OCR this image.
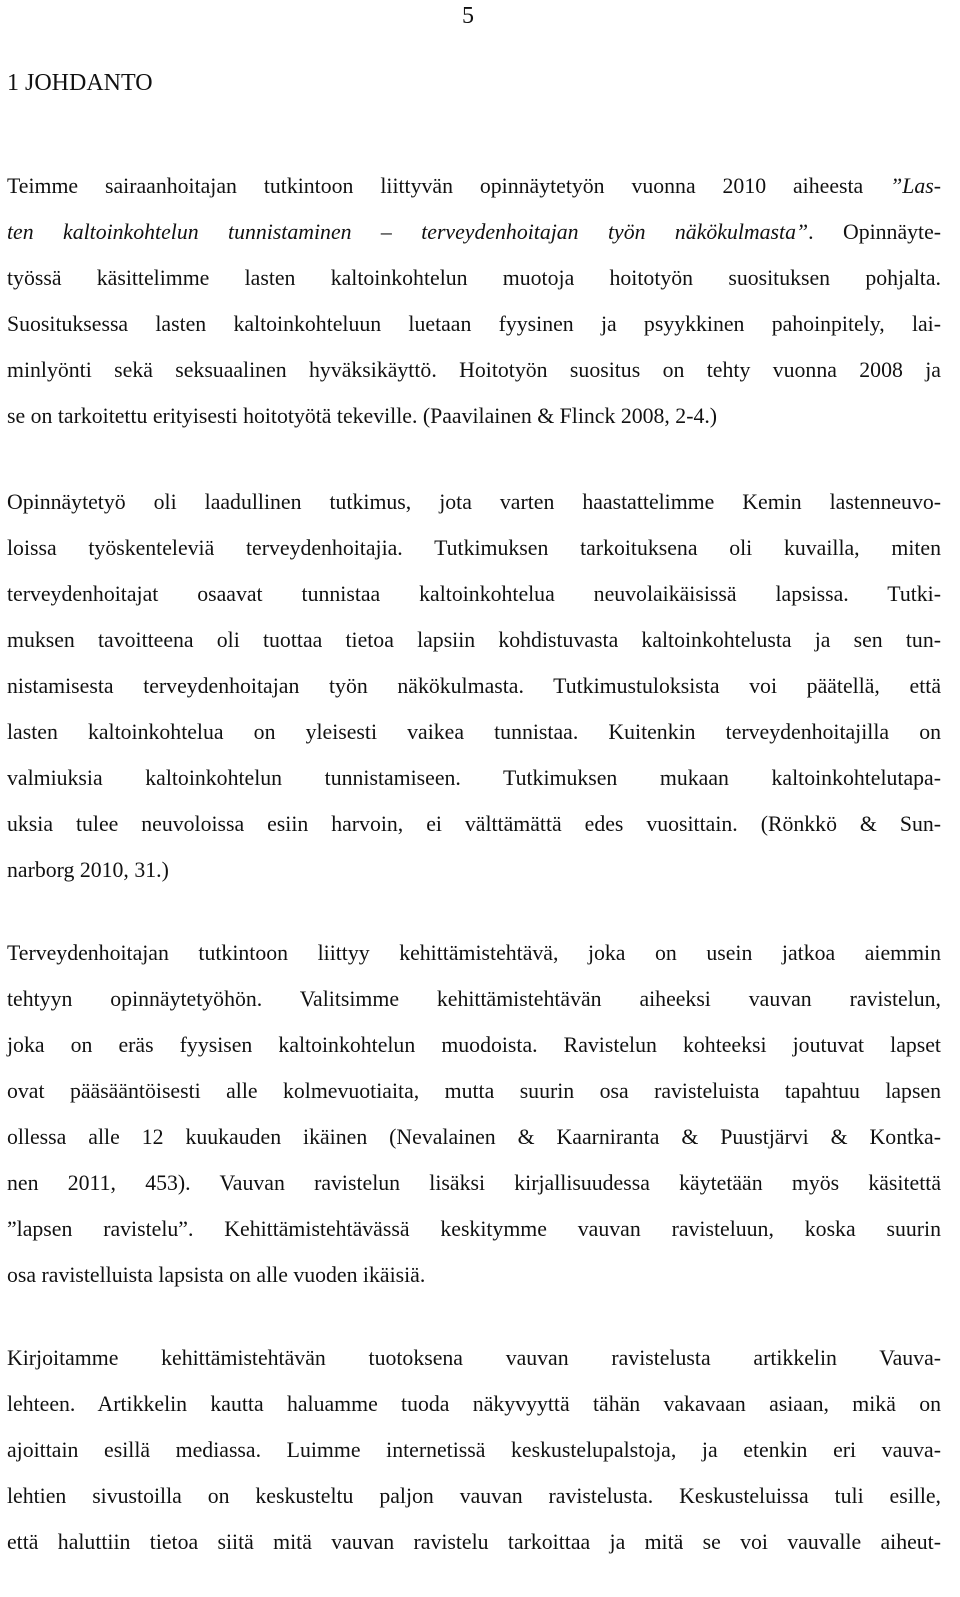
5
1 JOHDANTO
Teimme sairaanhoitajan tutkintoon liittyvän opinnäytetyön vuonna 2010 aiheesta ”Las-
ten kaltoinkohtelun tunnistaminen – terveydenhoitajan työn näkökulmasta”. Opinnäyte-
työssä käsittelimme lasten kaltoinkohtelun muotoja hoitotyön suosituksen pohjalta.
Suosituksessa lasten kaltoinkohteluun luetaan fyysinen ja psyykkinen pahoinpitely, lai-
minlyönti sekä seksuaalinen hyväksikäyttö. Hoitotyön suositus on tehty vuonna 2008 ja
se on tarkoitettu erityisesti hoitotyötä tekeville. (Paavilainen & Flinck 2008, 2-4.)
Opinnäytetyö oli laadullinen tutkimus, jota varten haastattelimme Kemin lastenneuvo-
loissa työskenteleviä terveydenhoitajia. Tutkimuksen tarkoituksena oli kuvailla, miten
terveydenhoitajat osaavat tunnistaa kaltoinkohtelua neuvolaikäisissä lapsissa. Tutki-
muksen tavoitteena oli tuottaa tietoa lapsiin kohdistuvasta kaltoinkohtelusta ja sen tun-
nistamisesta terveydenhoitajan työn näkökulmasta. Tutkimustuloksista voi päätellä, että
lasten kaltoinkohtelua on yleisesti vaikea tunnistaa. Kuitenkin terveydenhoitajilla on
valmiuksia kaltoinkohtelun tunnistamiseen. Tutkimuksen mukaan kaltoinkohtelutapa-
uksia tulee neuvoloissa esiin harvoin, ei välttämättä edes vuosittain. (Rönkkö & Sun-
narborg 2010, 31.)
Terveydenhoitajan tutkintoon liittyy kehittämistehtävä, joka on usein jatkoa aiemmin
tehtyyn opinnäytetyöhön. Valitsimme kehittämistehtävän aiheeksi vauvan ravistelun,
joka on eräs fyysisen kaltoinkohtelun muodoista. Ravistelun kohteeksi joutuvat lapset
ovat pääsääntöisesti alle kolmevuotiaita, mutta suurin osa ravisteluista tapahtuu lapsen
ollessa alle 12 kuukauden ikäinen (Nevalainen & Kaarniranta & Puustjärvi & Kontka-
nen 2011, 453). Vauvan ravistelun lisäksi kirjallisuudessa käytetään myös käsitettä
”lapsen ravistelu”. Kehittämistehtävässä keskitymme vauvan ravisteluun, koska suurin
osa ravistelluista lapsista on alle vuoden ikäisiä.
Kirjoitamme kehittämistehtävän tuotoksena vauvan ravistelusta artikkelin Vauva-
lehteen. Artikkelin kautta haluamme tuoda näkyvyyttä tähän vakavaan asiaan, mikä on
ajoittain esillä mediassa. Luimme internetissä keskustelupalstoja, ja etenkin eri vauva-
lehtien sivustoilla on keskusteltu paljon vauvan ravistelusta. Keskusteluissa tuli esille,
että haluttiin tietoa siitä mitä vauvan ravistelu tarkoittaa ja mitä se voi vauvalle aiheut-
